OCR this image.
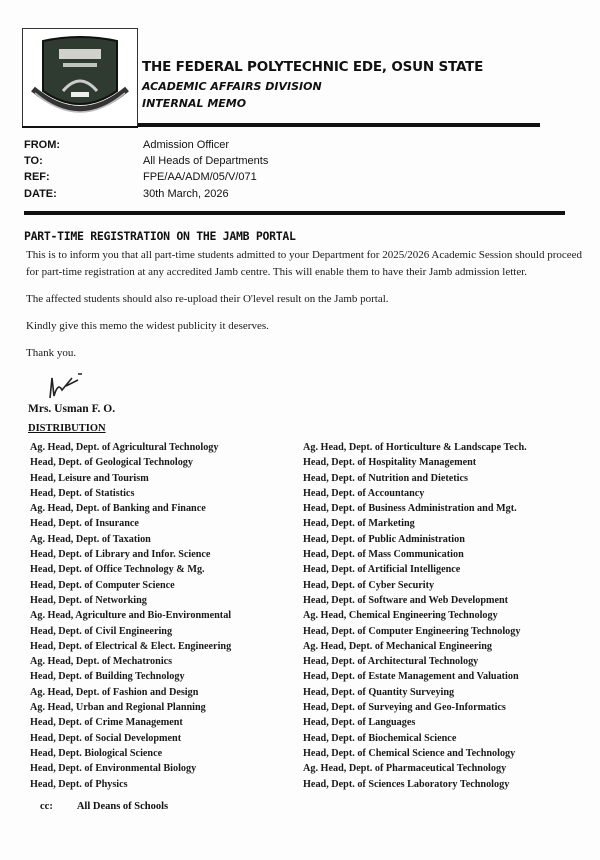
THE FEDERAL POLYTECHNIC EDE, OSUN STATE
ACADEMIC AFFAIRS DIVISION
INTERNAL MEMO
FROM:	Admission Officer
TO:	All Heads of Departments
REF:	FPE/AA/ADM/05/V/071
DATE:	30th March, 2026
PART-TIME REGISTRATION ON THE JAMB PORTAL

This is to inform you that all part-time students admitted to your Department for 2025/2026 Academic Session should proceed for part-time registration at any accredited Jamb centre. This will enable them to have their Jamb admission letter.

The affected students should also re-upload their O'level result on the Jamb portal.

Kindly give this memo the widest publicity it deserves.

Thank you.

Mrs. Usman F. O.
DISTRIBUTION
Ag. Head, Dept. of Agricultural Technology
Head, Dept. of Geological Technology
Head, Leisure and Tourism
Head, Dept. of Statistics
Ag. Head, Dept. of Banking and Finance
Head, Dept. of Insurance
Ag. Head, Dept. of Taxation
Head, Dept. of Library and Infor. Science
Head, Dept. of Office Technology & Mg.
Head, Dept. of Computer Science
Head, Dept. of Networking
Ag. Head, Agriculture and Bio-Environmental
Head, Dept. of Civil Engineering
Head, Dept. of Electrical & Elect. Engineering
Ag. Head, Dept. of Mechatronics
Head, Dept. of Building Technology
Ag. Head, Dept. of Fashion and Design
Ag. Head, Urban and Regional Planning
Head, Dept. of Crime Management
Head, Dept. of Social Development
Head, Dept. Biological Science
Head, Dept. of Environmental Biology
Head, Dept. of Physics
Ag. Head, Dept. of Horticulture & Landscape Tech.
Head, Dept. of Hospitality Management
Head, Dept. of Nutrition and Dietetics
Head, Dept. of Accountancy
Head, Dept. of Business Administration and Mgt.
Head, Dept. of Marketing
Head, Dept. of Public Administration
Head, Dept. of Mass Communication
Head, Dept. of Artificial Intelligence
Head, Dept. of Cyber Security
Head, Dept. of Software and Web Development
Ag. Head, Chemical Engineering Technology
Head, Dept. of Computer Engineering Technology
Ag. Head, Dept. of Mechanical Engineering
Head, Dept. of Architectural Technology
Head, Dept. of Estate Management and Valuation
Head, Dept. of Quantity Surveying
Head, Dept. of Surveying and Geo-Informatics
Head, Dept. of Languages
Head, Dept. of Biochemical Science
Head, Dept. of Chemical Science and Technology
Ag. Head, Dept. of Pharmaceutical Technology
Head, Dept. of Sciences Laboratory Technology
cc: All Deans of Schools
